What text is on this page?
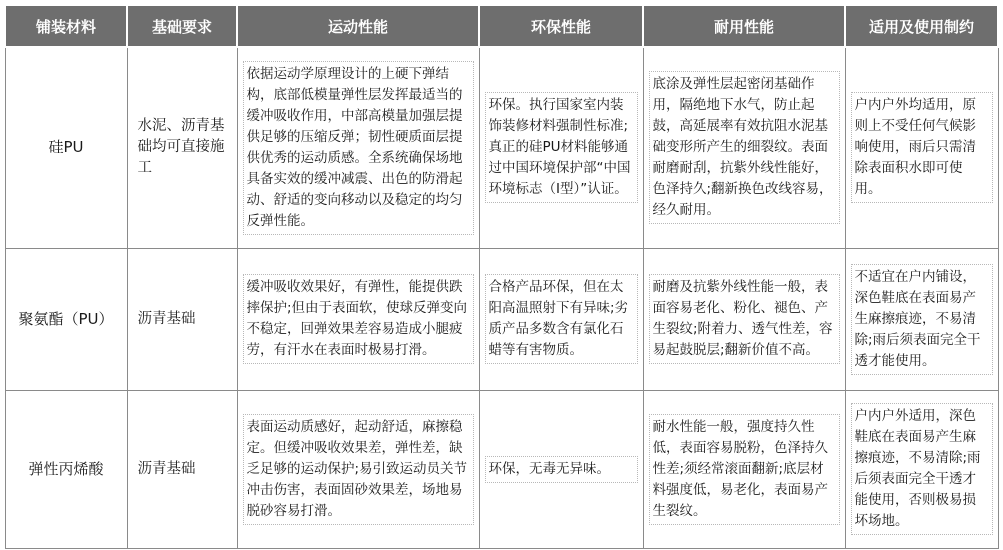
铺装材料	基础要求	运动性能	环保性能	耐用性能	适用及使用制约
硅PU	水泥、沥青基础均可直接施工	依据运动学原理设计的上硬下弹结构，底部低模量弹性层发挥最适当的缓冲吸收作用，中部高模量加强层提供足够的压缩反弹；韧性硬质面层提供优秀的运动质感。全系统确保场地具备实效的缓冲减震、出色的防滑起动、舒适的变向移动以及稳定的均匀反弹性能。	环保。执行国家室内装饰装修材料强制性标准;真正的硅PU材料能够通过中国环境保护部“中国环境标志（I型）”认证。	底涂及弹性层起密闭基础作用，隔绝地下水气，防止起鼓，高延展率有效抗阻水泥基础变形所产生的细裂纹。表面耐磨耐刮，抗紫外线性能好，色泽持久;翻新换色改线容易，经久耐用。	户内户外均适用，原则上不受任何气候影响使用，雨后只需清除表面积水即可使用。

聚氨酯（PU）	沥青基础	缓冲吸收效果好，有弹性，能提供跌摔保护;但由于表面软，使球反弹变向不稳定，回弹效果差容易造成小腿疲劳，有汗水在表面时极易打滑。	合格产品环保，但在太阳高温照射下有异味;劣质产品多数含有氯化石蜡等有害物质。	耐磨及抗紫外线性能一般，表面容易老化、粉化、褪色、产生裂纹;附着力、透气性差，容易起鼓脱层;翻新价值不高。	不适宜在户内铺设，深色鞋底在表面易产生麻擦痕迹，不易清除;雨后须表面完全干透才能使用。

弹性丙烯酸	沥青基础	表面运动质感好，起动舒适，麻擦稳定。但缓冲吸收效果差，弹性差，缺乏足够的运动保护;易引致运动员关节冲击伤害，表面固砂效果差，场地易脱砂容易打滑。	环保，无毒无异味。	耐水性能一般，强度持久性低，表面容易脱粉，色泽持久性差;须经常滚面翻新;底层材料强度低，易老化，表面易产生裂纹。	户内户外适用，深色鞋底在表面易产生麻擦痕迹，不易清除;雨后须表面完全干透才能使用，否则极易损坏场地。
